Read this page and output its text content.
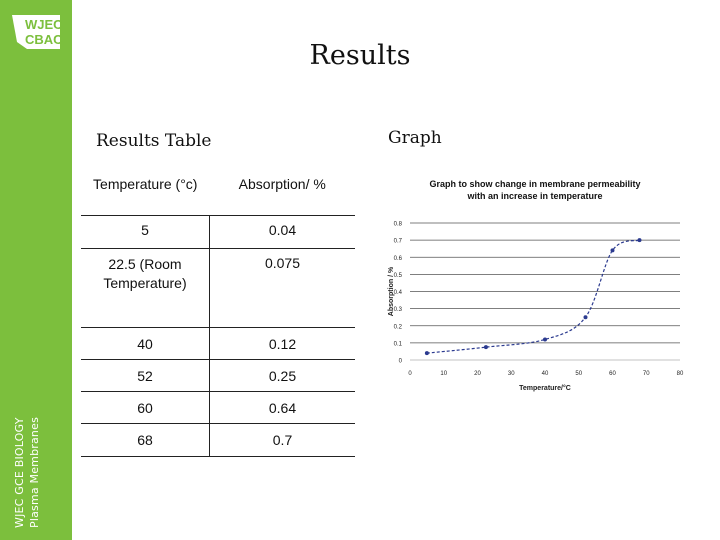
WJEC
CBAC
WJEC GCE BIOLOGY Plasma Membranes
Results
Results Table	Graph
Temperature (°c)	Absorption/ %
5	0.04
22.5 (Room Temperature)	0.075
40	0.12
52	0.25
60	0.64
68	0.7
Graph to show change in membrane permeability with an increase in temperature
0
0.1
0.2
0.3
0.4
0.5
0.6
0.7
0.8
0	10	20	30	40	50	60	70	80
Temperature/°C
Absorption / %
